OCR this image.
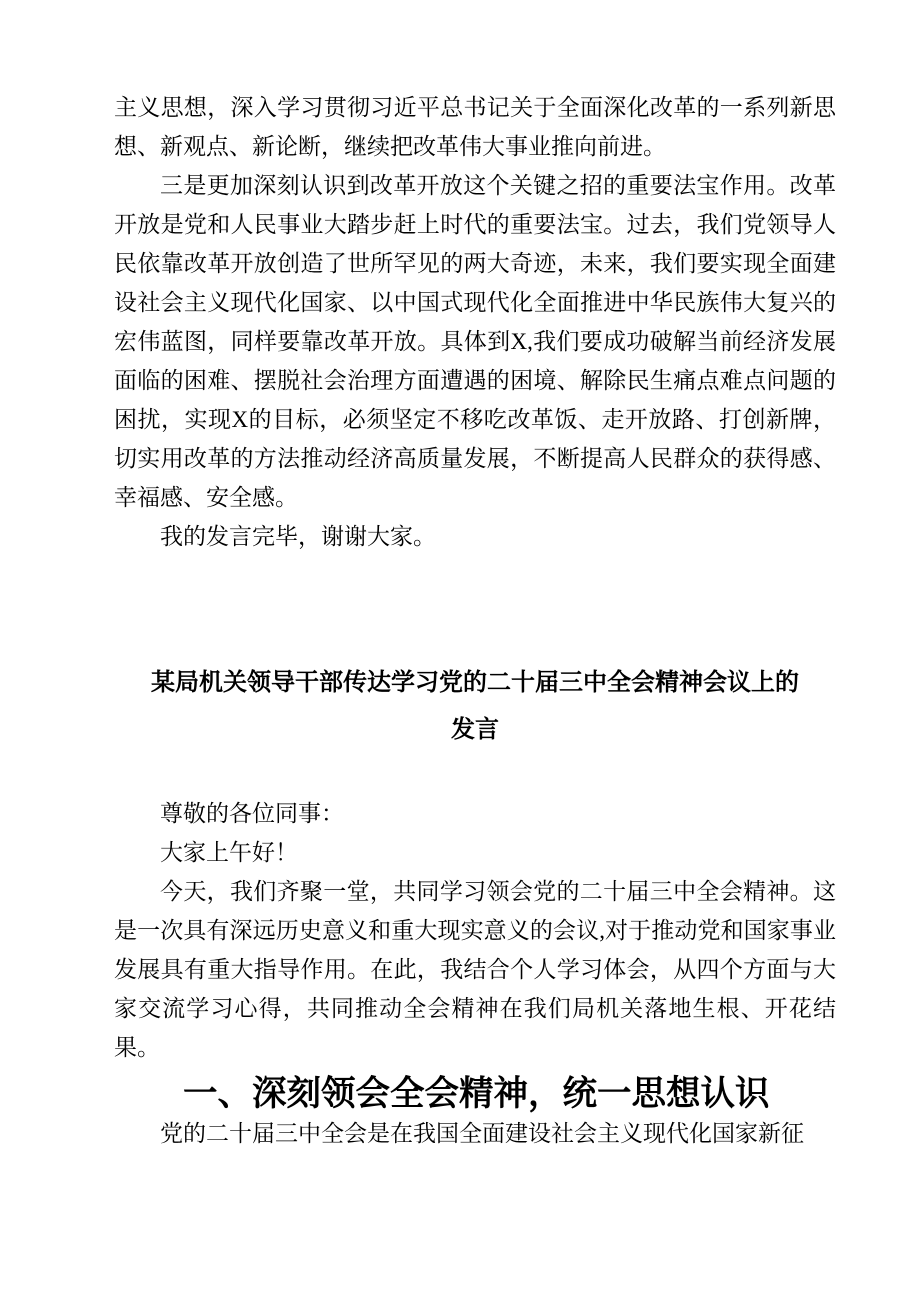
主义思想，深入学习贯彻习近平总书记关于全面深化改革的一系列新思想、新观点、新论断，继续把改革伟大事业推向前进。

三是更加深刻认识到改革开放这个关键之招的重要法宝作用。改革开放是党和人民事业大踏步赶上时代的重要法宝。过去，我们党领导人民依靠改革开放创造了世所罕见的两大奇迹，未来，我们要实现全面建设社会主义现代化国家、以中国式现代化全面推进中华民族伟大复兴的宏伟蓝图，同样要靠改革开放。具体到X,我们要成功破解当前经济发展面临的困难、摆脱社会治理方面遭遇的困境、解除民生痛点难点问题的困扰，实现X的目标，必须坚定不移吃改革饭、走开放路、打创新牌，切实用改革的方法推动经济高质量发展，不断提高人民群众的获得感、幸福感、安全感。

我的发言完毕，谢谢大家。

某局机关领导干部传达学习党的二十届三中全会精神会议上的发言

尊敬的各位同事：

大家上午好！

今天，我们齐聚一堂，共同学习领会党的二十届三中全会精神。这是一次具有深远历史意义和重大现实意义的会议,对于推动党和国家事业发展具有重大指导作用。在此，我结合个人学习体会，从四个方面与大家交流学习心得，共同推动全会精神在我们局机关落地生根、开花结果。

一、深刻领会全会精神，统一思想认识

党的二十届三中全会是在我国全面建设社会主义现代化国家新征
